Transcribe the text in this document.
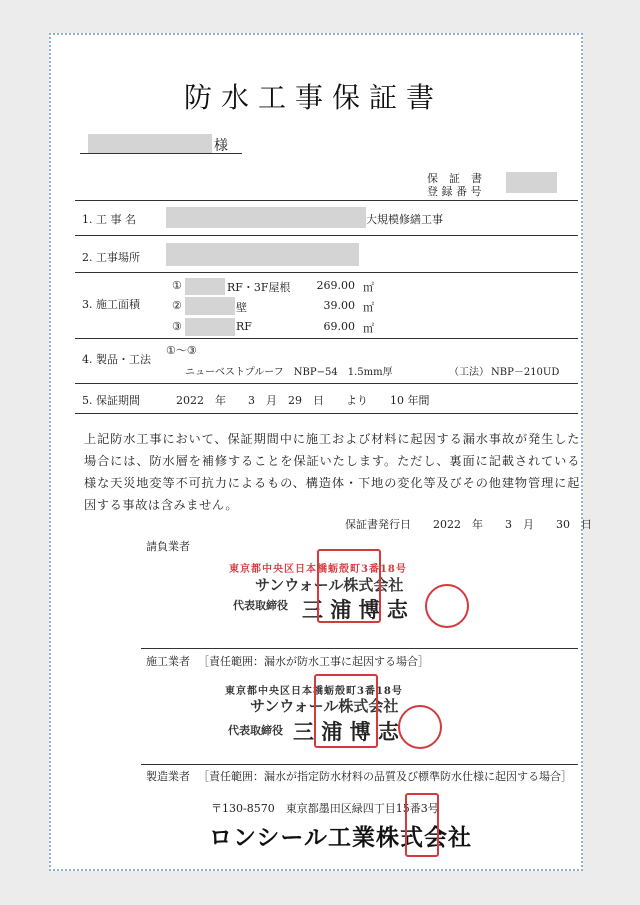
防水工事保証書
様
保　証　書
登 録 番 号
1. 工 事 名	大規模修繕工事
2. 工事場所
3. 施工面積
①	RF・3F屋根	269.00 ㎡
②	壁	39.00 ㎡
③	RF	69.00 ㎡
4. 製品・工法
①～③
ニューベストプルーフ　NBP−54　1.5mm厚	（工法） NBP－210UD
5. 保証期間	2022　年　　3　月　29　日　　より　　10 年間
上記防水工事において、保証期間中に施工および材料に起因する漏水事故が発生した場合には、防水層を補修することを保証いたします。ただし、裏面に記載されている様な天災地変等不可抗力によるもの、構造体・下地の変化等及びその他建物管理に起因する事故は含みません。
保証書発行日　　2022　年　　3　月　　30　日
請負業者
東京都中央区日本橋蛎殻町3番18号
サンウォール株式会社
代表取締役 三 浦 博 志
施工業者 ［責任範囲：漏水が防水工事に起因する場合］
東京都中央区日本橋蛎殻町3番18号
サンウォール株式会社
代表取締役 三 浦 博 志
製造業者 ［責任範囲：漏水が指定防水材料の品質及び標準防水仕様に起因する場合］
〒130-8570　東京都墨田区緑四丁目15番3号
ロンシール工業株式会社
